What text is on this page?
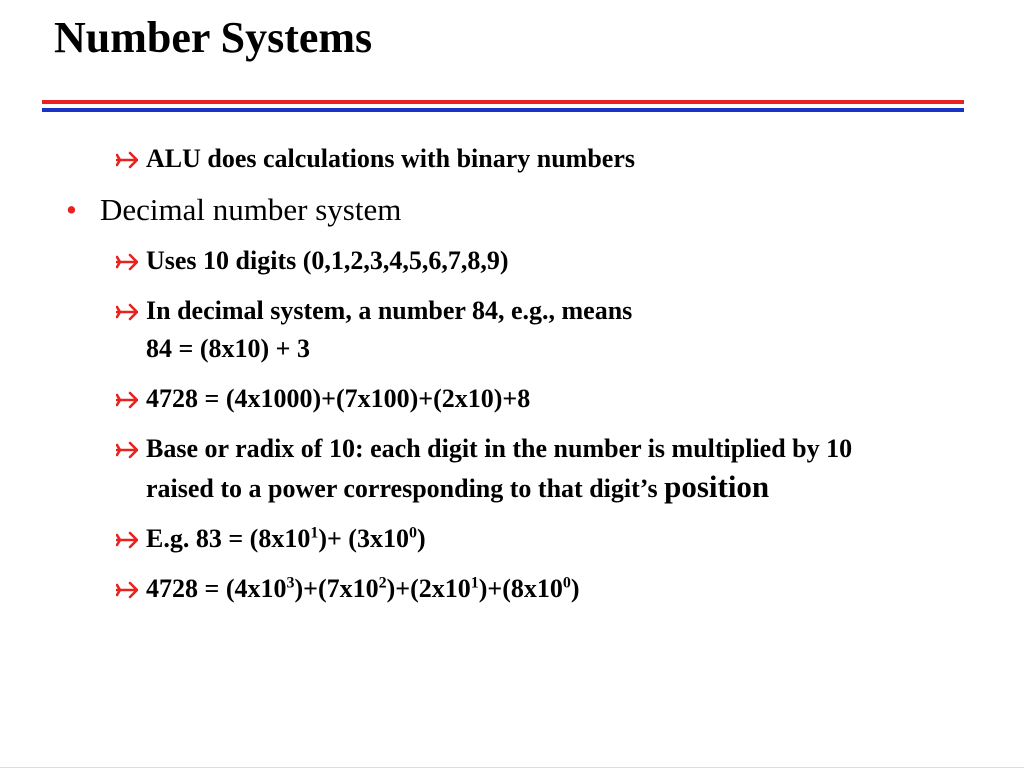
Number Systems
ALU does calculations with binary numbers
• Decimal number system
Uses 10 digits (0,1,2,3,4,5,6,7,8,9)
In decimal system, a number 84, e.g., means
84 = (8x10) + 3
4728 = (4x1000)+(7x100)+(2x10)+8
Base or radix of 10: each digit in the number is multiplied by 10 raised to a power corresponding to that digit’s position
E.g. $83 = (8x10^1)+ (3x10^0)$
$4728 = (4x10^3)+(7x10^2)+(2x10^1)+(8x10^0)$
